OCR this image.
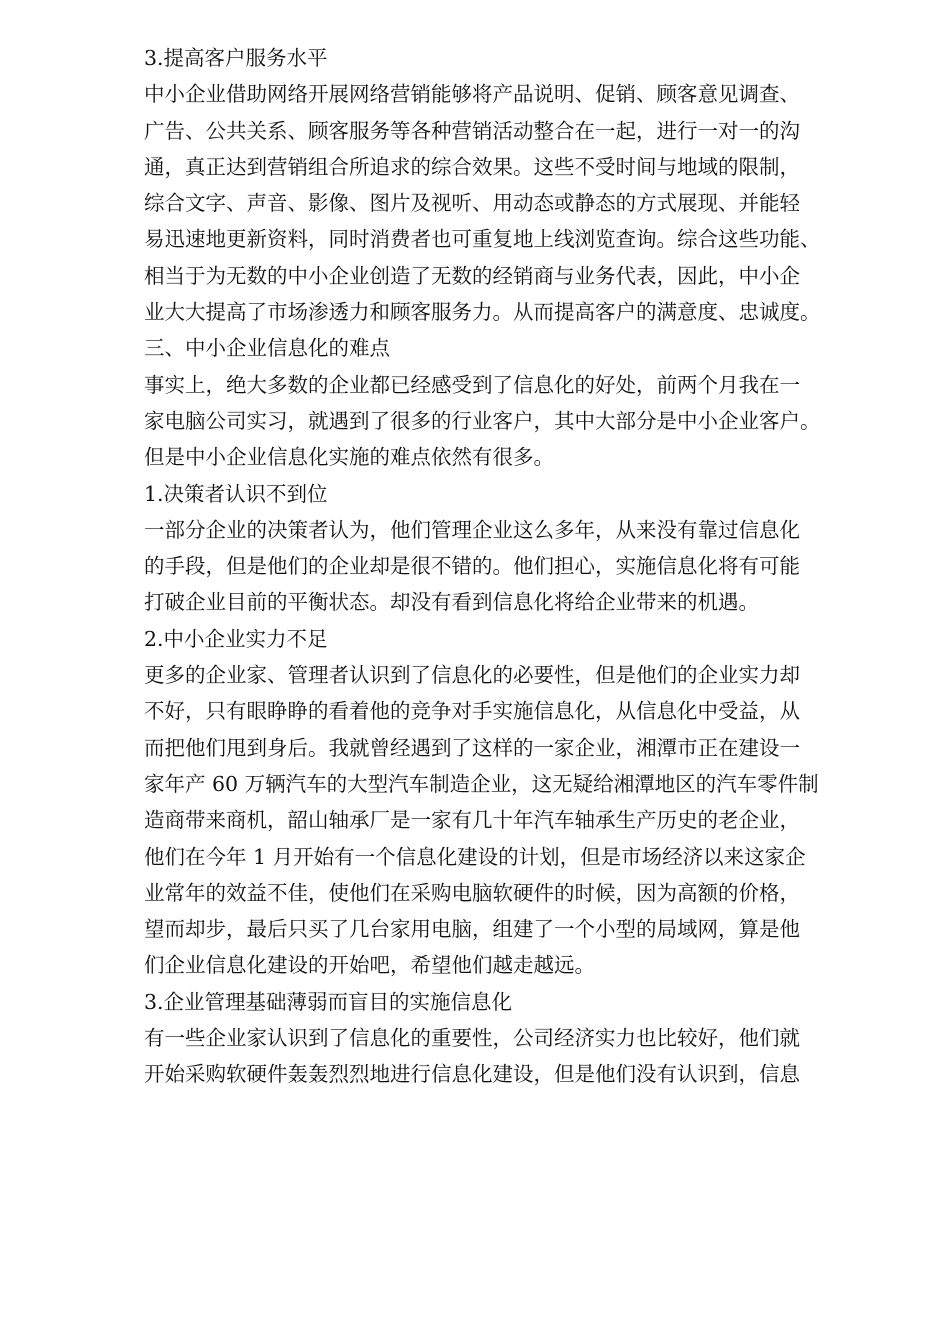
3.提高客户服务水平
中小企业借助网络开展网络营销能够将产品说明、促销、顾客意见调查、
广告、公共关系、顾客服务等各种营销活动整合在一起，进行一对一的沟
通，真正达到营销组合所追求的综合效果。这些不受时间与地域的限制，
综合文字、声音、影像、图片及视听、用动态或静态的方式展现、并能轻
易迅速地更新资料，同时消费者也可重复地上线浏览查询。综合这些功能、
相当于为无数的中小企业创造了无数的经销商与业务代表，因此，中小企
业大大提高了市场渗透力和顾客服务力。从而提高客户的满意度、忠诚度。
三、中小企业信息化的难点
事实上，绝大多数的企业都已经感受到了信息化的好处，前两个月我在一
家电脑公司实习，就遇到了很多的行业客户，其中大部分是中小企业客户。
但是中小企业信息化实施的难点依然有很多。
1.决策者认识不到位
一部分企业的决策者认为，他们管理企业这么多年，从来没有靠过信息化
的手段，但是他们的企业却是很不错的。他们担心，实施信息化将有可能
打破企业目前的平衡状态。却没有看到信息化将给企业带来的机遇。
2.中小企业实力不足
更多的企业家、管理者认识到了信息化的必要性，但是他们的企业实力却
不好，只有眼睁睁的看着他的竞争对手实施信息化，从信息化中受益，从
而把他们甩到身后。我就曾经遇到了这样的一家企业，湘潭市正在建设一
家年产 60 万辆汽车的大型汽车制造企业，这无疑给湘潭地区的汽车零件制
造商带来商机，韶山轴承厂是一家有几十年汽车轴承生产历史的老企业，
他们在今年 1 月开始有一个信息化建设的计划，但是市场经济以来这家企
业常年的效益不佳，使他们在采购电脑软硬件的时候，因为高额的价格，
望而却步，最后只买了几台家用电脑，组建了一个小型的局域网，算是他
们企业信息化建设的开始吧，希望他们越走越远。
3.企业管理基础薄弱而盲目的实施信息化
有一些企业家认识到了信息化的重要性，公司经济实力也比较好，他们就
开始采购软硬件轰轰烈烈地进行信息化建设，但是他们没有认识到，信息
